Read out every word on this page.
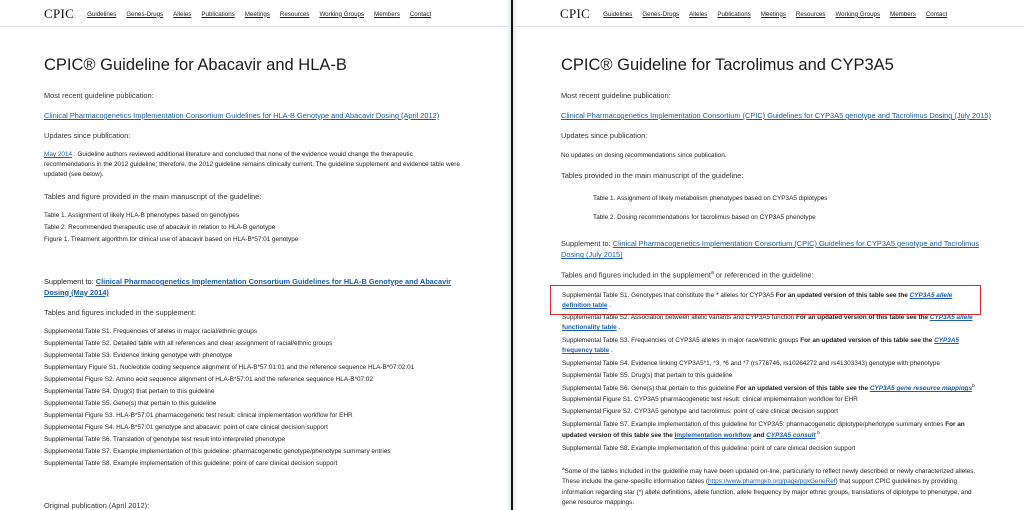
CPIC Guidelines Genes-Drugs Alleles Publications Meetings Resources Working Groups Members Contact
CPIC® Guideline for Abacavir and HLA-B
Most recent guideline publication:
Clinical Pharmacogenetics Implementation Consortium Guidelines for HLA-B Genotype and Abacavir Dosing (April 2012)
Updates since publication:
May 2014 : Guideline authors reviewed additional literature and concluded that none of the evidence would change the therapeutic
recommendations in the 2012 guideline; therefore, the 2012 guideline remains clinically current. The guideline supplement and evidence table were
updated (see below).
Tables and figure provided in the main manuscript of the guideline:
Table 1. Assignment of likely HLA-B phenotypes based on genotypes
Table 2. Recommended therapeutic use of abacavir in relation to HLA-B genotype
Figure 1. Treatment algorithm for clinical use of abacavir based on HLA-B*57:01 genotype
Supplement to: Clinical Pharmacogenetics Implementation Consortium Guidelines for HLA-B Genotype and Abacavir
Dosing (May 2014)
Tables and figures included in the supplement:
Supplemental Table S1. Frequencies of alleles in major racial/ethnic groups
Supplemental Table S2. Detailed table with all references and clear assignment of racial/ethnic groups
Supplemental Table S3. Evidence linking genotype with phenotype
Supplementary Figure S1. Nucleotide coding sequence alignment of HLA-B*57:01:01 and the reference sequence HLA-B*07:02:01
Supplemental Figure S2. Amino acid sequence alignment of HLA-B*57:01 and the reference sequence HLA-B*07:02
Supplemental Table S4. Drug(s) that pertain to this guideline
Supplemental Table S5. Gene(s) that pertain to this guideline
Supplemental Figure S3. HLA-B*57:01 pharmacogenetic test result: clinical implementation workflow for EHR
Supplemental Figure S4. HLA-B*57:01 genotype and abacavir: point of care clinical decision support
Supplemental Table S6. Translation of genotype test result into interpreted phenotype
Supplemental Table S7. Example implementation of this guideline: pharmacogenetic genotype/phenotype summary entries
Supplemental Table S8. Example implementation of this guideline: point of care clinical decision support
Original publication (April 2012):
CPIC Guidelines Genes-Drugs Alleles Publications Meetings Resources Working Groups Members Contact
CPIC® Guideline for Tacrolimus and CYP3A5
Most recent guideline publication:
Clinical Pharmacogenetics Implementation Consortium (CPIC) Guidelines for CYP3A5 genotype and Tacrolimus Dosing (July 2015)
Updates since publication:
No updates on dosing recommendations since publication.
Tables provided in the main manuscript of the guideline:
Table 1. Assignment of likely metabolism phenotypes based on CYP3A5 diplotypes
Table 2. Dosing recommendations for tacrolimus based on CYP3A5 phenotype
Supplement to: Clinical Pharmacogenetics Implementation Consortium (CPIC) Guidelines for CYP3A5 genotype and Tacrolimus
Dosing (July 2015)
Tables and figures included in the supplement$^a$ or referenced in the guideline:
Supplemental Table S1. Genotypes that constitute the * alleles for CYP3A5 For an updated version of this table see the CYP3A5 allele
definition table .
Supplemental Table S2. Association between allelic variants and CYP3A5 function For an updated version of this table see the CYP3A5 allele
functionality table .
Supplemental Table S3. Frequencies of CYP3A5 alleles in major race/ethnic groups For an updated version of this table see the CYP3A5
frequency table .
Supplemental Table S4. Evidence linking CYP3A5*1, *3, *6 and *7 (rs776746, rs10264272 and rs41303343) genotype with phenotype
Supplemental Table S5. Drug(s) that pertain to this guideline
Supplemental Table S6. Gene(s) that pertain to this guideline For an updated version of this table see the CYP3A5 gene resource mappings$^b$
Supplemental Figure S1. CYP3A5 pharmacogenetic test result: clinical implementation workflow for EHR
Supplemental Figure S2. CYP3A5 genotype and tacrolimus: point of care clinical decision support
Supplemental Table S7. Example implementation of this guideline for CYP3A5: pharmacogenetic diplotype/phenotype summary entries For an
updated version of this table see the Implementation workflow and CYP3A5 consult $^b$
Supplemental Table S8. Example implementation of this guideline: point of care clinical decision support
$^a$Some of the tables included in the guideline may have been updated on-line, particularly to reflect newly described or newly characterized alleles.
These include the gene-specific information tables (https://www.pharmgkb.org/page/pgxGeneRef) that support CPIC guidelines by providing
information regarding star (*) allele definitions, allele function, allele frequency by major ethnic groups, translations of diplotype to phenotype, and
gene resource mappings.
